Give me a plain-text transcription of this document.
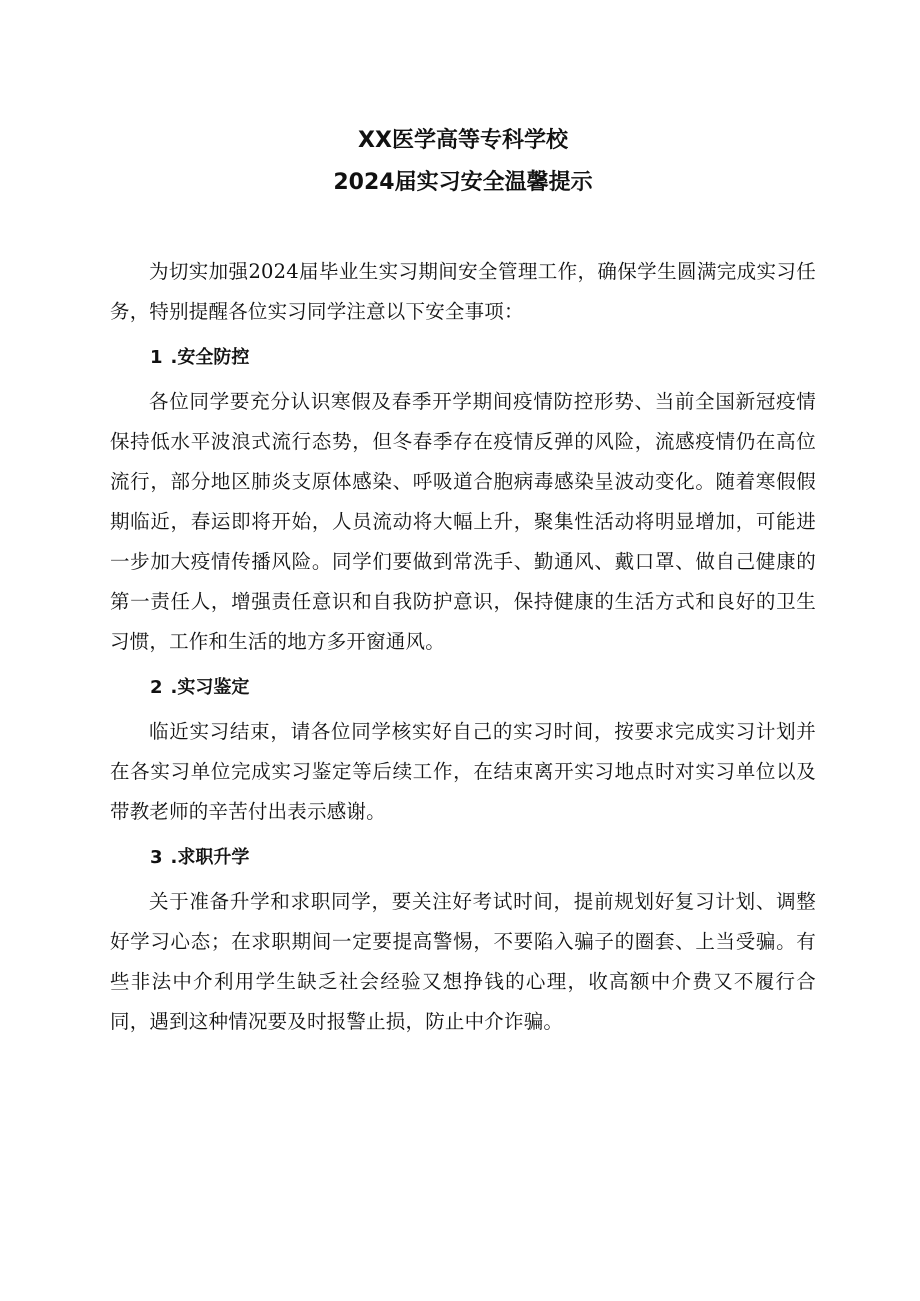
XX医学高等专科学校
2024届实习安全温馨提示

为切实加强2024届毕业生实习期间安全管理工作，确保学生圆满完成实习任务，特别提醒各位实习同学注意以下安全事项：

1 .安全防控

各位同学要充分认识寒假及春季开学期间疫情防控形势、当前全国新冠疫情保持低水平波浪式流行态势，但冬春季存在疫情反弹的风险，流感疫情仍在高位流行，部分地区肺炎支原体感染、呼吸道合胞病毒感染呈波动变化。随着寒假假期临近，春运即将开始，人员流动将大幅上升，聚集性活动将明显增加，可能进一步加大疫情传播风险。同学们要做到常洗手、勤通风、戴口罩、做自己健康的第一责任人，增强责任意识和自我防护意识，保持健康的生活方式和良好的卫生习惯，工作和生活的地方多开窗通风。

2 .实习鉴定

临近实习结束，请各位同学核实好自己的实习时间，按要求完成实习计划并在各实习单位完成实习鉴定等后续工作，在结束离开实习地点时对实习单位以及带教老师的辛苦付出表示感谢。

3 .求职升学

关于准备升学和求职同学，要关注好考试时间，提前规划好复习计划、调整好学习心态；在求职期间一定要提高警惕，不要陷入骗子的圈套、上当受骗。有些非法中介利用学生缺乏社会经验又想挣钱的心理，收高额中介费又不履行合同，遇到这种情况要及时报警止损，防止中介诈骗。
